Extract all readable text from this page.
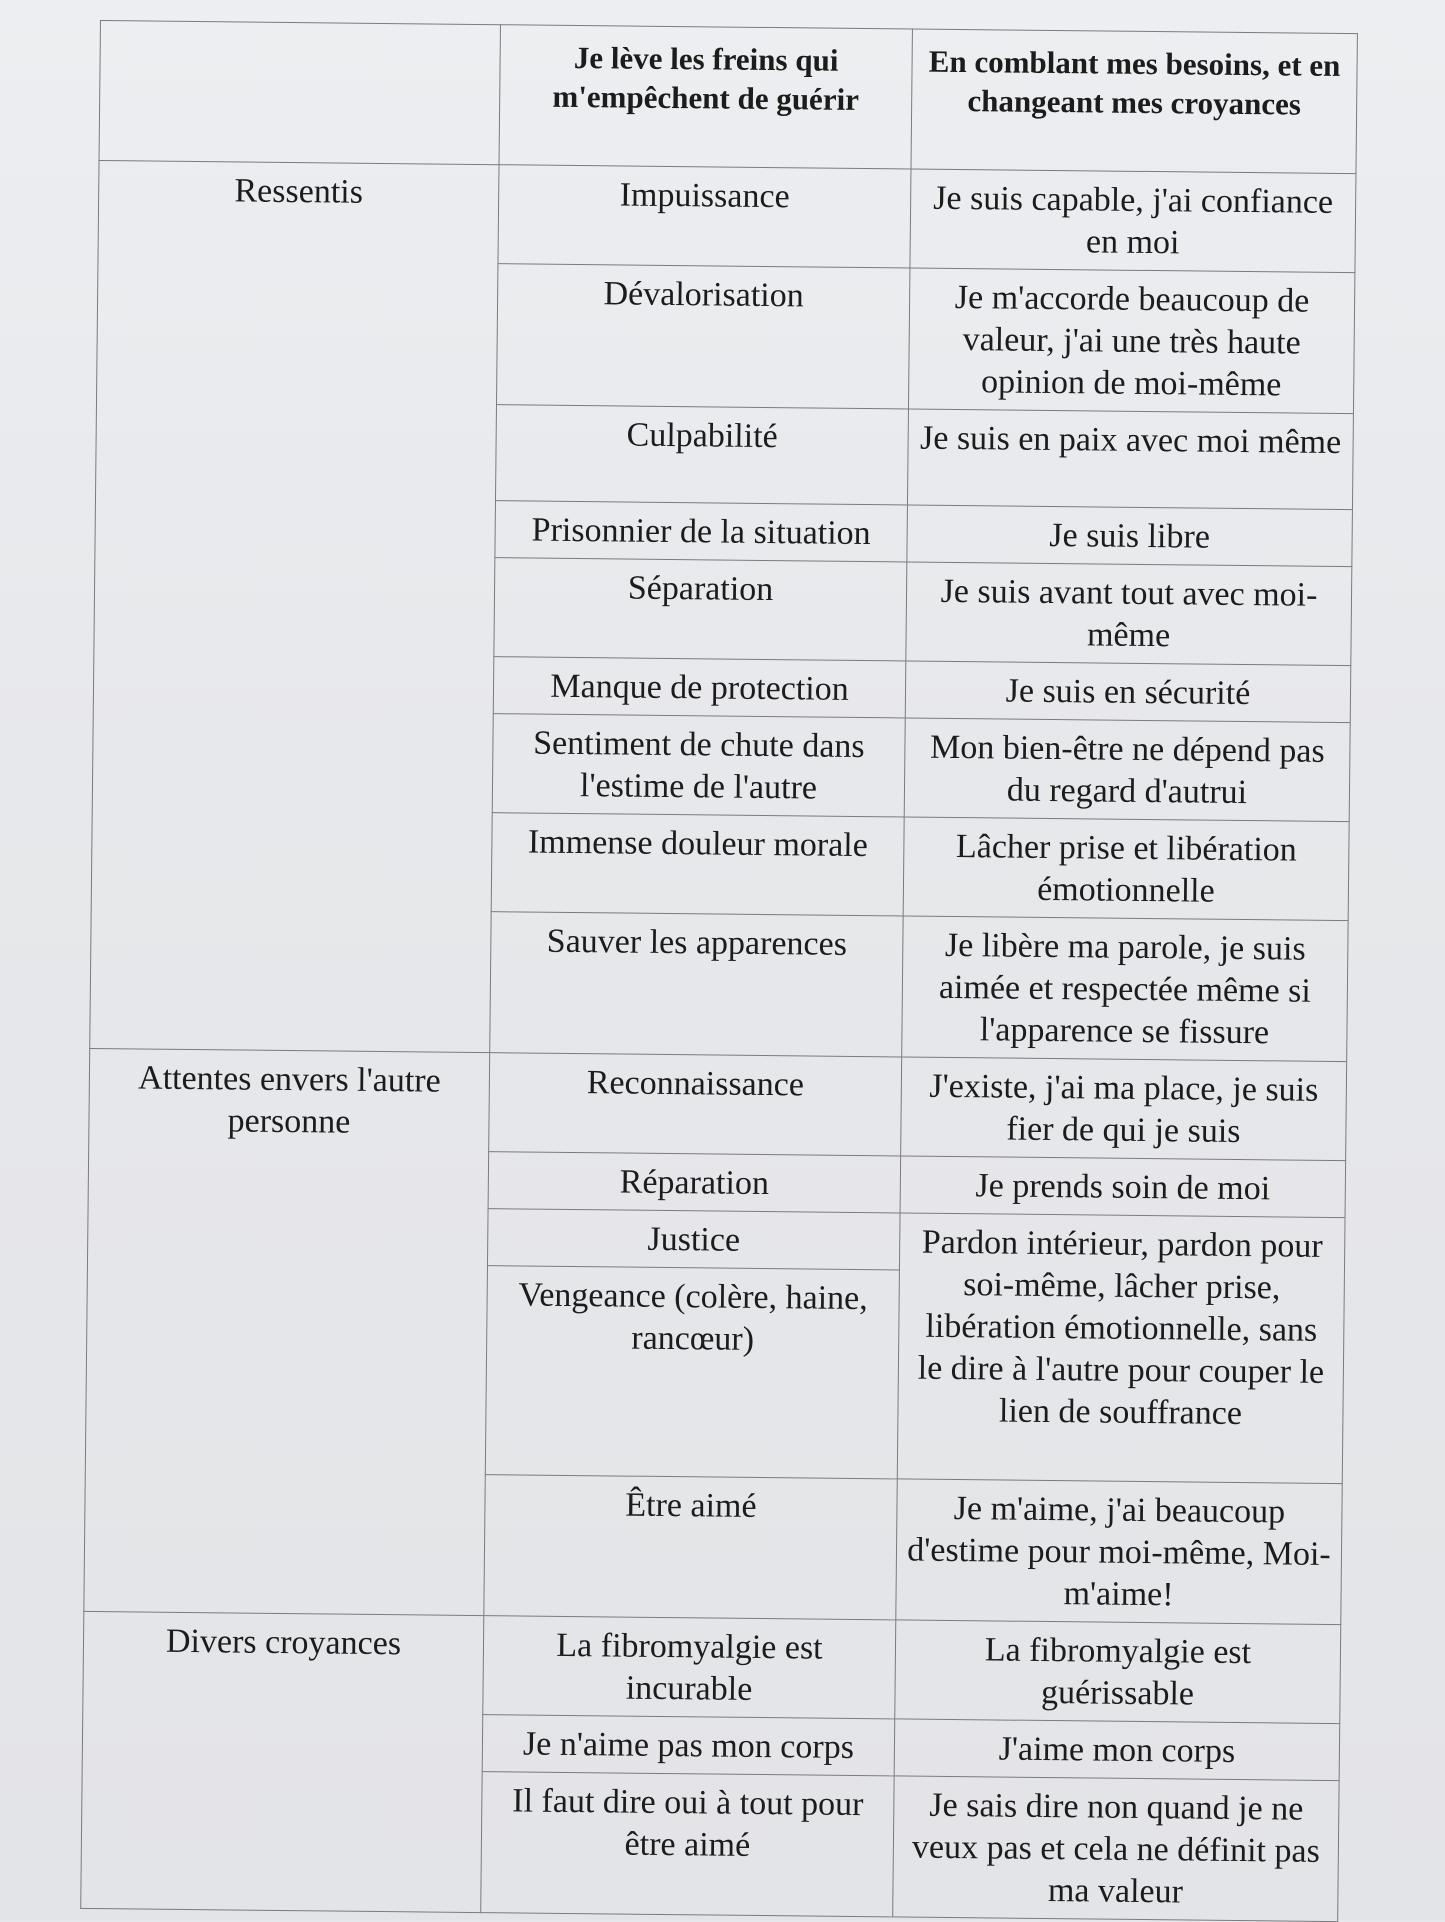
	Je lève les freins qui m'empêchent de guérir	En comblant mes besoins, et en changeant mes croyances
Ressentis	Impuissance	Je suis capable, j'ai confiance en moi
	Dévalorisation	Je m'accorde beaucoup de valeur, j'ai une très haute opinion de moi-même
	Culpabilité	Je suis en paix avec moi même
	Prisonnier de la situation	Je suis libre
	Séparation	Je suis avant tout avec moi-même
	Manque de protection	Je suis en sécurité
	Sentiment de chute dans l'estime de l'autre	Mon bien-être ne dépend pas du regard d'autrui
	Immense douleur morale	Lâcher prise et libération émotionnelle
	Sauver les apparences	Je libère ma parole, je suis aimée et respectée même si l'apparence se fissure
Attentes envers l'autre personne	Reconnaissance	J'existe, j'ai ma place, je suis fier de qui je suis
	Réparation	Je prends soin de moi
	Justice	Pardon intérieur, pardon pour soi-même, lâcher prise, libération émotionnelle, sans le dire à l'autre pour couper le lien de souffrance
	Vengeance (colère, haine, rancœur)	
	Être aimé	Je m'aime, j'ai beaucoup d'estime pour moi-même, Moi-m'aime!
Divers croyances	La fibromyalgie est incurable	La fibromyalgie est guérissable
	Je n'aime pas mon corps	J'aime mon corps
	Il faut dire oui à tout pour être aimé	Je sais dire non quand je ne veux pas et cela ne définit pas ma valeur
